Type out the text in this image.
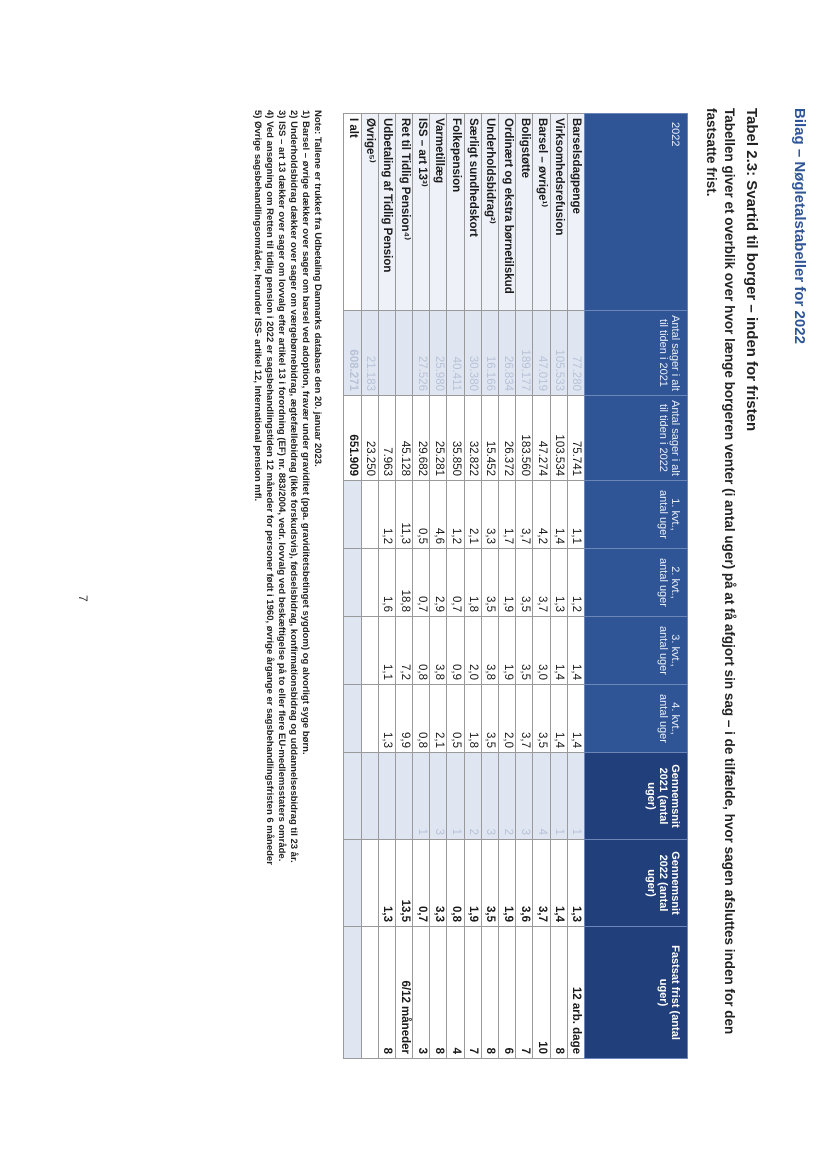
Bilag – Nøgletalstabeller for 2022
Tabel 2.3: Svartid til borger – inden for fristen
Tabellen giver et overblik over hvor længe borgeren venter (i antal uger) på at få afgjort sin sag – i de tilfælde, hvor sagen afsluttes inden for den fastsatte frist.
2022	Antal sager i alt til tiden i 2021	Antal sager i alt til tiden i 2022	1. kvt., antal uger	2. kvt., antal uger	3. kvt., antal uger	4. kvt., antal uger	Gennemsnit 2021 (antal uger)	Gennemsnit 2022 (antal uger)	Fastsat frist (antal uger)
Barselsdagpenge	77.280	75.741	1,1	1,2	1,4	1,4	1	1,3	12 arb. dage
Virksomhedsrefusion	105.533	103.534	1,4	1,3	1,4	1,4	1	1,4	8
Barsel – øvrige¹⁾	47.019	47.274	4,2	3,7	3,0	3,5	4	3,7	10
Boligstøtte	189.177	183.560	3,7	3,5	3,5	3,7	3	3,6	7
Ordinært og ekstra børnetilskud	26.834	26.372	1,7	1,9	1,9	2,0	2	1,9	6
Underholdsbidrag²⁾	16.166	15.452	3,3	3,5	3,8	3,5	3	3,5	8
Særligt sundhedskort	30.380	32.822	2,1	1,8	2,0	1,8	2	1,9	7
Folkepension	40.411	35.850	1,2	0,7	0,9	0,5	1	0,8	4
Varmetillæg	25.980	25.281	4,6	2,9	3,8	2,1	3	3,3	8
ISS – art 13³⁾	27.526	29.682	0,5	0,7	0,8	0,8	1	0,7	3
Ret til Tidlig Pension⁴⁾		45.128	11,3	18,8	7,2	9,9		13,5	6/12 måneder
Udbetaling af Tidlig Pension		7.963	1,2	1,6	1,1	1,3		1,3	8
Øvrige⁵⁾	21.183	23.250							
I alt	608.271	651.909							
Note: Tallene er trukket fra Udbetaling Danmarks database den 20. januar 2023.
1) Barsel – øvrige dækker over sager om barsel ved adoption, fravær under graviditet (pga. graviditetsbetinget sygdom) og alvorligt syge børn.
2) Underholdsbidrag dækker over sager om værgebørnebidrag, ægtefællebidrag (ikke forskudsvis), fødselsbidrag, konfirmationsbidrag og uddannelsesbidrag til 23 år.
3) ISS – art 13 dækker over sager om lovvalg efter artikel 13 i forordning (EF) nr. 883/2004, vedr. lovvalg ved beskæftigelse på to eller flere EU-medlemsstaters område.
4) Ved ansøgning om Retten til tidlig pension i 2022 er sagsbehandlingstiden 12 måneder for personer født i 1960, øvrige årgange er sagsbehandlingsfristen 6 måneder
5) Øvrige sagsbehandlingsområder, herunder ISS- artikel 12, International pension mfl.
7
